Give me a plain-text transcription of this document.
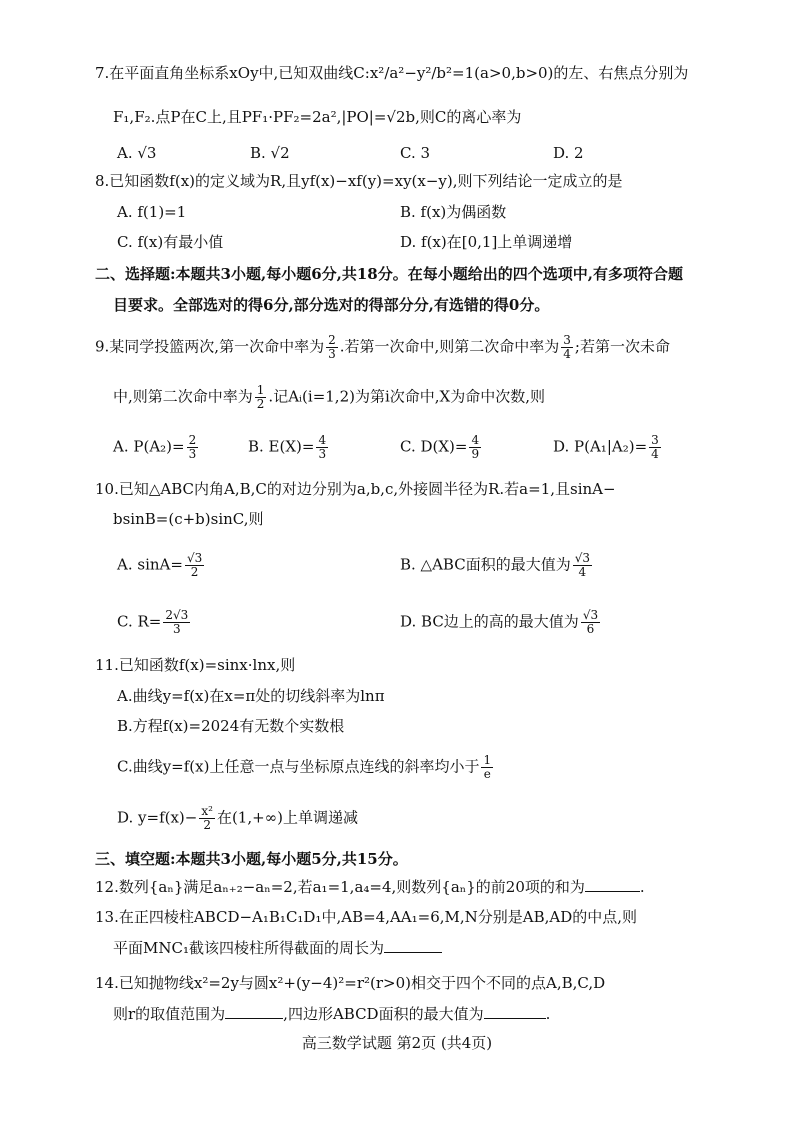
7.在平面直角坐标系xOy中,已知双曲线C:x²/a²−y²/b²=1(a>0,b>0)的左、右焦点分别为
F₁,F₂.点P在C上,且PF₁·PF₂=2a²,|PO|=√2b,则C的离心率为
A. √3	B. √2	C. 3	D. 2
8.已知函数f(x)的定义域为R,且yf(x)−xf(y)=xy(x−y),则下列结论一定成立的是
A. f(1)=1	B. f(x)为偶函数
C. f(x)有最小值	D. f(x)在[0,1]上单调递增
二、选择题:本题共3小题,每小题6分,共18分。在每小题给出的四个选项中,有多项符合题
目要求。全部选对的得6分,部分选对的得部分分,有选错的得0分。
9.某同学投篮两次,第一次命中率为 $\frac{2}{3}$ .若第一次命中,则第二次命中率为 $\frac{3}{4}$ ;若第一次未命
中,则第二次命中率为 $\frac{1}{2}$ .记Aᵢ(i=1,2)为第i次命中,X为命中次数,则
A. $P(A_2)= \frac{2}{3}$	B. $E(X)= \frac{4}{3}$	C. $D(X)= \frac{4}{9}$	D. $P(A_1|A_2)= \frac{3}{4}$
10.已知△ABC内角A,B,C的对边分别为a,b,c,外接圆半径为R.若a=1,且sinA−
bsinB=(c+b)sinC,则
A. $\sin A= \frac{√3}{2}$	B. △ABC面积的最大值为 $\frac{√3}{4}$
C. $R= \frac{2√3}{3}$	D. BC边上的高的最大值为 $\frac{√3}{6}$
11.已知函数f(x)=sinx·lnx,则
A.曲线y=f(x)在x=π处的切线斜率为lnπ
B.方程f(x)=2024有无数个实数根
C.曲线y=f(x)上任意一点与坐标原点连线的斜率均小于 $\frac{1}{e}$
D. $y=f(x)- \frac{\text{x²}}{2}$ 在(1,+∞)上单调递减
三、填空题:本题共3小题,每小题5分,共15分。
12.数列{aₙ}满足aₙ₊₂−aₙ=2,若a₁=1,a₄=4,则数列{aₙ}的前20项的和为	.
13.在正四棱柱ABCD−A₁B₁C₁D₁中,AB=4,AA₁=6,M,N分别是AB,AD的中点,则
平面MNC₁截该四棱柱所得截面的周长为
14.已知抛物线x²=2y与圆x²+(y−4)²=r²(r>0)相交于四个不同的点A,B,C,D
则r的取值范围为	,四边形ABCD面积的最大值为	.
高三数学试题 第2页 (共4页)
